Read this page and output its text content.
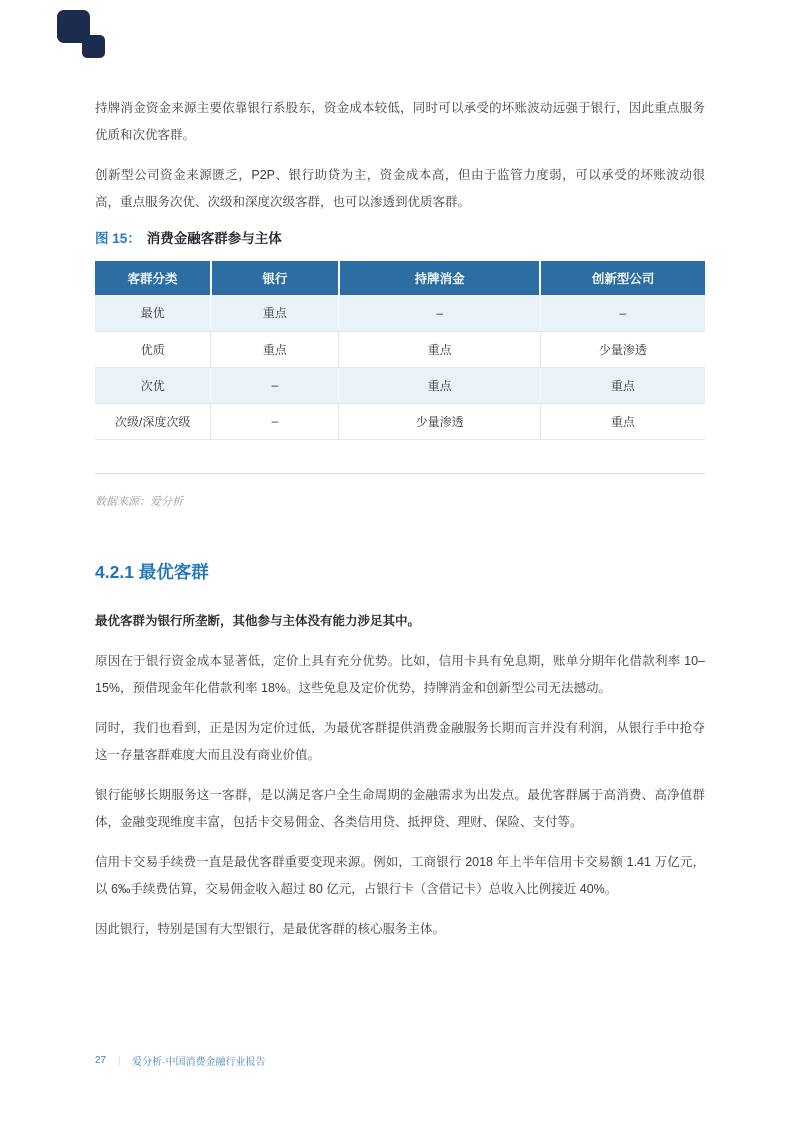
持牌消金资金来源主要依靠银行系股东，资金成本较低，同时可以承受的坏账波动远强于银行，因此重点服务优质和次优客群。

创新型公司资金来源匮乏，P2P、银行助贷为主，资金成本高，但由于监管力度弱，可以承受的坏账波动很高，重点服务次优、次级和深度次级客群，也可以渗透到优质客群。

图 15： 消费金融客群参与主体
客群分类	银行	持牌消金	创新型公司
最优	重点	–	–
优质	重点	重点	少量渗透
次优	–	重点	重点
次级/深度次级	–	少量渗透	重点
数据来源：爱分析
4.2.1 最优客群

最优客群为银行所垄断，其他参与主体没有能力涉足其中。

原因在于银行资金成本显著低，定价上具有充分优势。比如，信用卡具有免息期，账单分期年化借款利率 10–15%，预借现金年化借款利率 18%。这些免息及定价优势，持牌消金和创新型公司无法撼动。

同时，我们也看到，正是因为定价过低，为最优客群提供消费金融服务长期而言并没有利润，从银行手中抢夺这一存量客群难度大而且没有商业价值。

银行能够长期服务这一客群，是以满足客户全生命周期的金融需求为出发点。最优客群属于高消费、高净值群体，金融变现维度丰富，包括卡交易佣金、各类信用贷、抵押贷、理财、保险、支付等。

信用卡交易手续费一直是最优客群重要变现来源。例如，工商银行 2018 年上半年信用卡交易额 1.41 万亿元，以 6‰手续费估算，交易佣金收入超过 80 亿元，占银行卡（含借记卡）总收入比例接近 40%。

因此银行，特别是国有大型银行，是最优客群的核心服务主体。

27 ｜ 爱分析·中国消费金融行业报告
